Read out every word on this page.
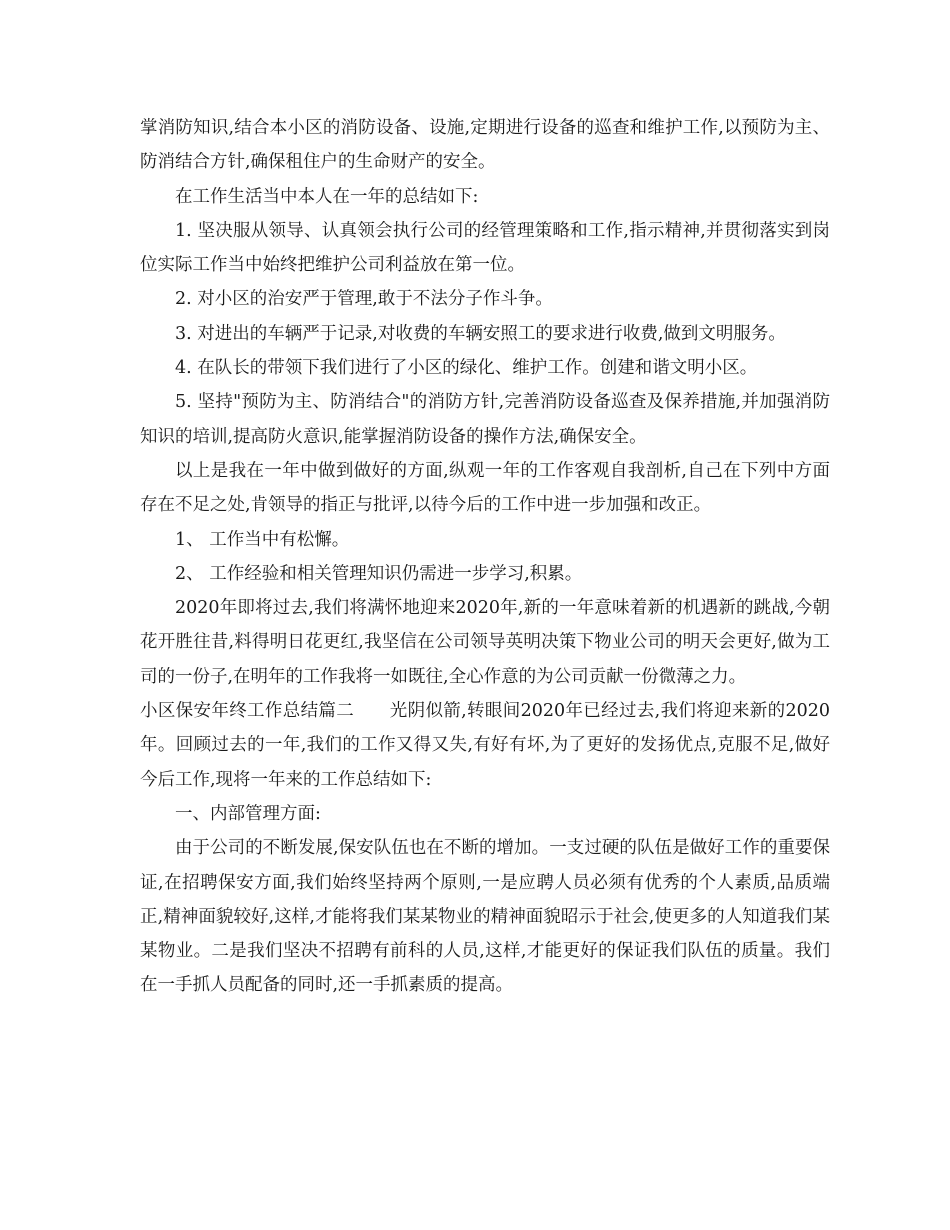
掌消防知识,结合本小区的消防设备、设施,定期进行设备的巡查和维护工作,以预防为主、防消结合方针,确保租住户的生命财产的安全。

在工作生活当中本人在一年的总结如下:

1. 坚决服从领导、认真领会执行公司的经管理策略和工作,指示精神,并贯彻落实到岗位实际工作当中始终把维护公司利益放在第一位。

2. 对小区的治安严于管理,敢于不法分子作斗争。

3. 对进出的车辆严于记录,对收费的车辆安照工的要求进行收费,做到文明服务。

4. 在队长的带领下我们进行了小区的绿化、维护工作。创建和谐文明小区。

5. 坚持"预防为主、防消结合"的消防方针,完善消防设备巡查及保养措施,并加强消防知识的培训,提高防火意识,能掌握消防设备的操作方法,确保安全。

以上是我在一年中做到做好的方面,纵观一年的工作客观自我剖析,自己在下列中方面存在不足之处,肯领导的指正与批评,以待今后的工作中进一步加强和改正。

1、 工作当中有松懈。

2、 工作经验和相关管理知识仍需进一步学习,积累。

2020年即将过去,我们将满怀地迎来2020年,新的一年意味着新的机遇新的跳战,今朝花开胜往昔,料得明日花更红,我坚信在公司领导英明决策下物业公司的明天会更好,做为工司的一份子,在明年的工作我将一如既往,全心作意的为公司贡献一份微薄之力。

小区保安年终工作总结篇二　　光阴似箭,转眼间2020年已经过去,我们将迎来新的2020年。回顾过去的一年,我们的工作又得又失,有好有坏,为了更好的发扬优点,克服不足,做好今后工作,现将一年来的工作总结如下:

一、内部管理方面:

由于公司的不断发展,保安队伍也在不断的增加。一支过硬的队伍是做好工作的重要保证,在招聘保安方面,我们始终坚持两个原则,一是应聘人员必须有优秀的个人素质,品质端正,精神面貌较好,这样,才能将我们某某物业的精神面貌昭示于社会,使更多的人知道我们某某物业。二是我们坚决不招聘有前科的人员,这样,才能更好的保证我们队伍的质量。我们在一手抓人员配备的同时,还一手抓素质的提高。
